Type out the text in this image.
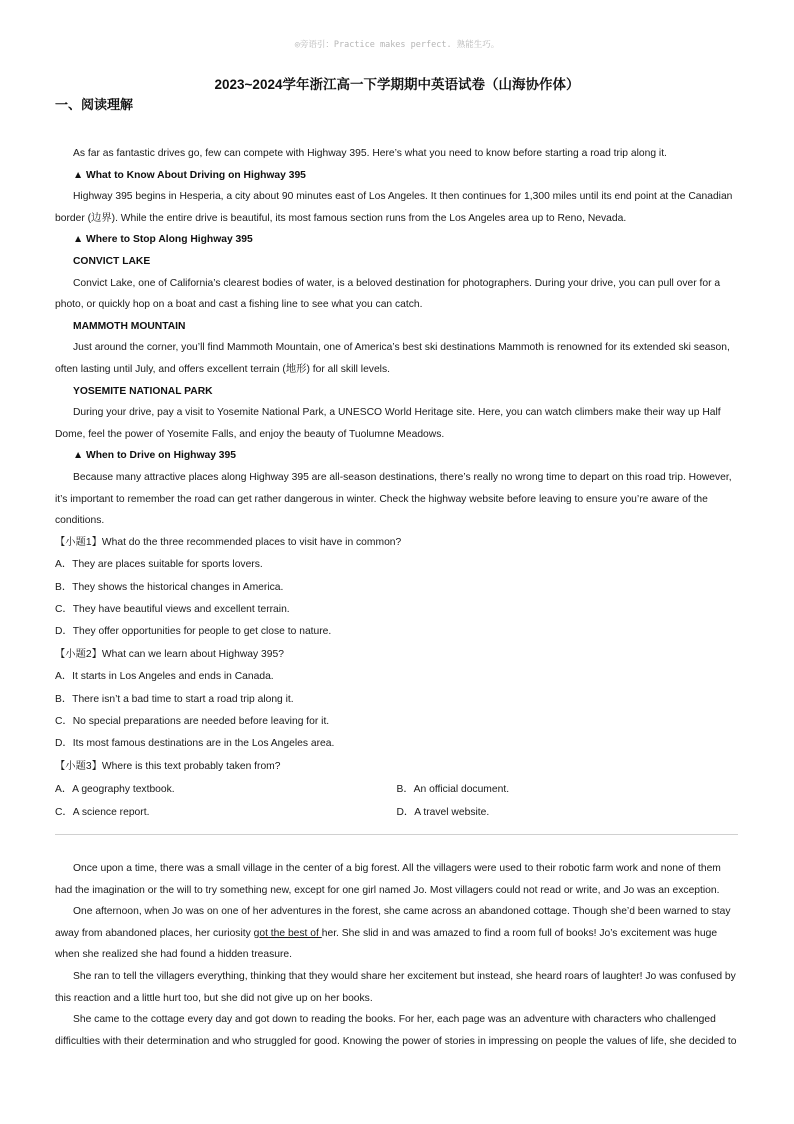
◎旁语引：Practice makes perfect. 熟能生巧。
2023~2024学年浙江高一下学期期中英语试卷（山海协作体）
一、阅读理解

As far as fantastic drives go, few can compete with Highway 395. Here’s what you need to know before starting a road trip along it.

▲ What to Know About Driving on Highway 395

Highway 395 begins in Hesperia, a city about 90 minutes east of Los Angeles. It then continues for 1,300 miles until its end point at the Canadian border (边界). While the entire drive is beautiful, its most famous section runs from the Los Angeles area up to Reno, Nevada.

▲ Where to Stop Along Highway 395

CONVICT LAKE

Convict Lake, one of California’s clearest bodies of water, is a beloved destination for photographers. During your drive, you can pull over for a photo, or quickly hop on a boat and cast a fishing line to see what you can catch.

MAMMOTH MOUNTAIN

Just around the corner, you’ll find Mammoth Mountain, one of America’s best ski destinations Mammoth is renowned for its extended ski season, often lasting until July, and offers excellent terrain (地形) for all skill levels.

YOSEMITE NATIONAL PARK

During your drive, pay a visit to Yosemite National Park, a UNESCO World Heritage site. Here, you can watch climbers make their way up Half Dome, feel the power of Yosemite Falls, and enjoy the beauty of Tuolumne Meadows.

▲ When to Drive on Highway 395

Because many attractive places along Highway 395 are all-season destinations, there’s really no wrong time to depart on this road trip. However, it’s important to remember the road can get rather dangerous in winter. Check the highway website before leaving to ensure you’re aware of the conditions.

【小题1】What do the three recommended places to visit have in common?
A．They are places suitable for sports lovers.
B．They shows the historical changes in America.
C．They have beautiful views and excellent terrain.
D．They offer opportunities for people to get close to nature.
【小题2】What can we learn about Highway 395?
A．It starts in Los Angeles and ends in Canada.
B．There isn’t a bad time to start a road trip along it.
C．No special preparations are needed before leaving for it.
D．Its most famous destinations are in the Los Angeles area.
【小题3】Where is this text probably taken from?
A．A geography textbook.	B．An official document.
C．A science report.	D．A travel website.

Once upon a time, there was a small village in the center of a big forest. All the villagers were used to their robotic farm work and none of them had the imagination or the will to try something new, except for one girl named Jo. Most villagers could not read or write, and Jo was an exception.

One afternoon, when Jo was on one of her adventures in the forest, she came across an abandoned cottage. Though she’d been warned to stay away from abandoned places, her curiosity got the best of her. She slid in and was amazed to find a room full of books! Jo’s excitement was huge when she realized she had found a hidden treasure.

She ran to tell the villagers everything, thinking that they would share her excitement but instead, she heard roars of laughter! Jo was confused by this reaction and a little hurt too, but she did not give up on her books.

She came to the cottage every day and got down to reading the books. For her, each page was an adventure with characters who challenged difficulties with their determination and who struggled for good. Knowing the power of stories in impressing on people the values of life, she decided to
